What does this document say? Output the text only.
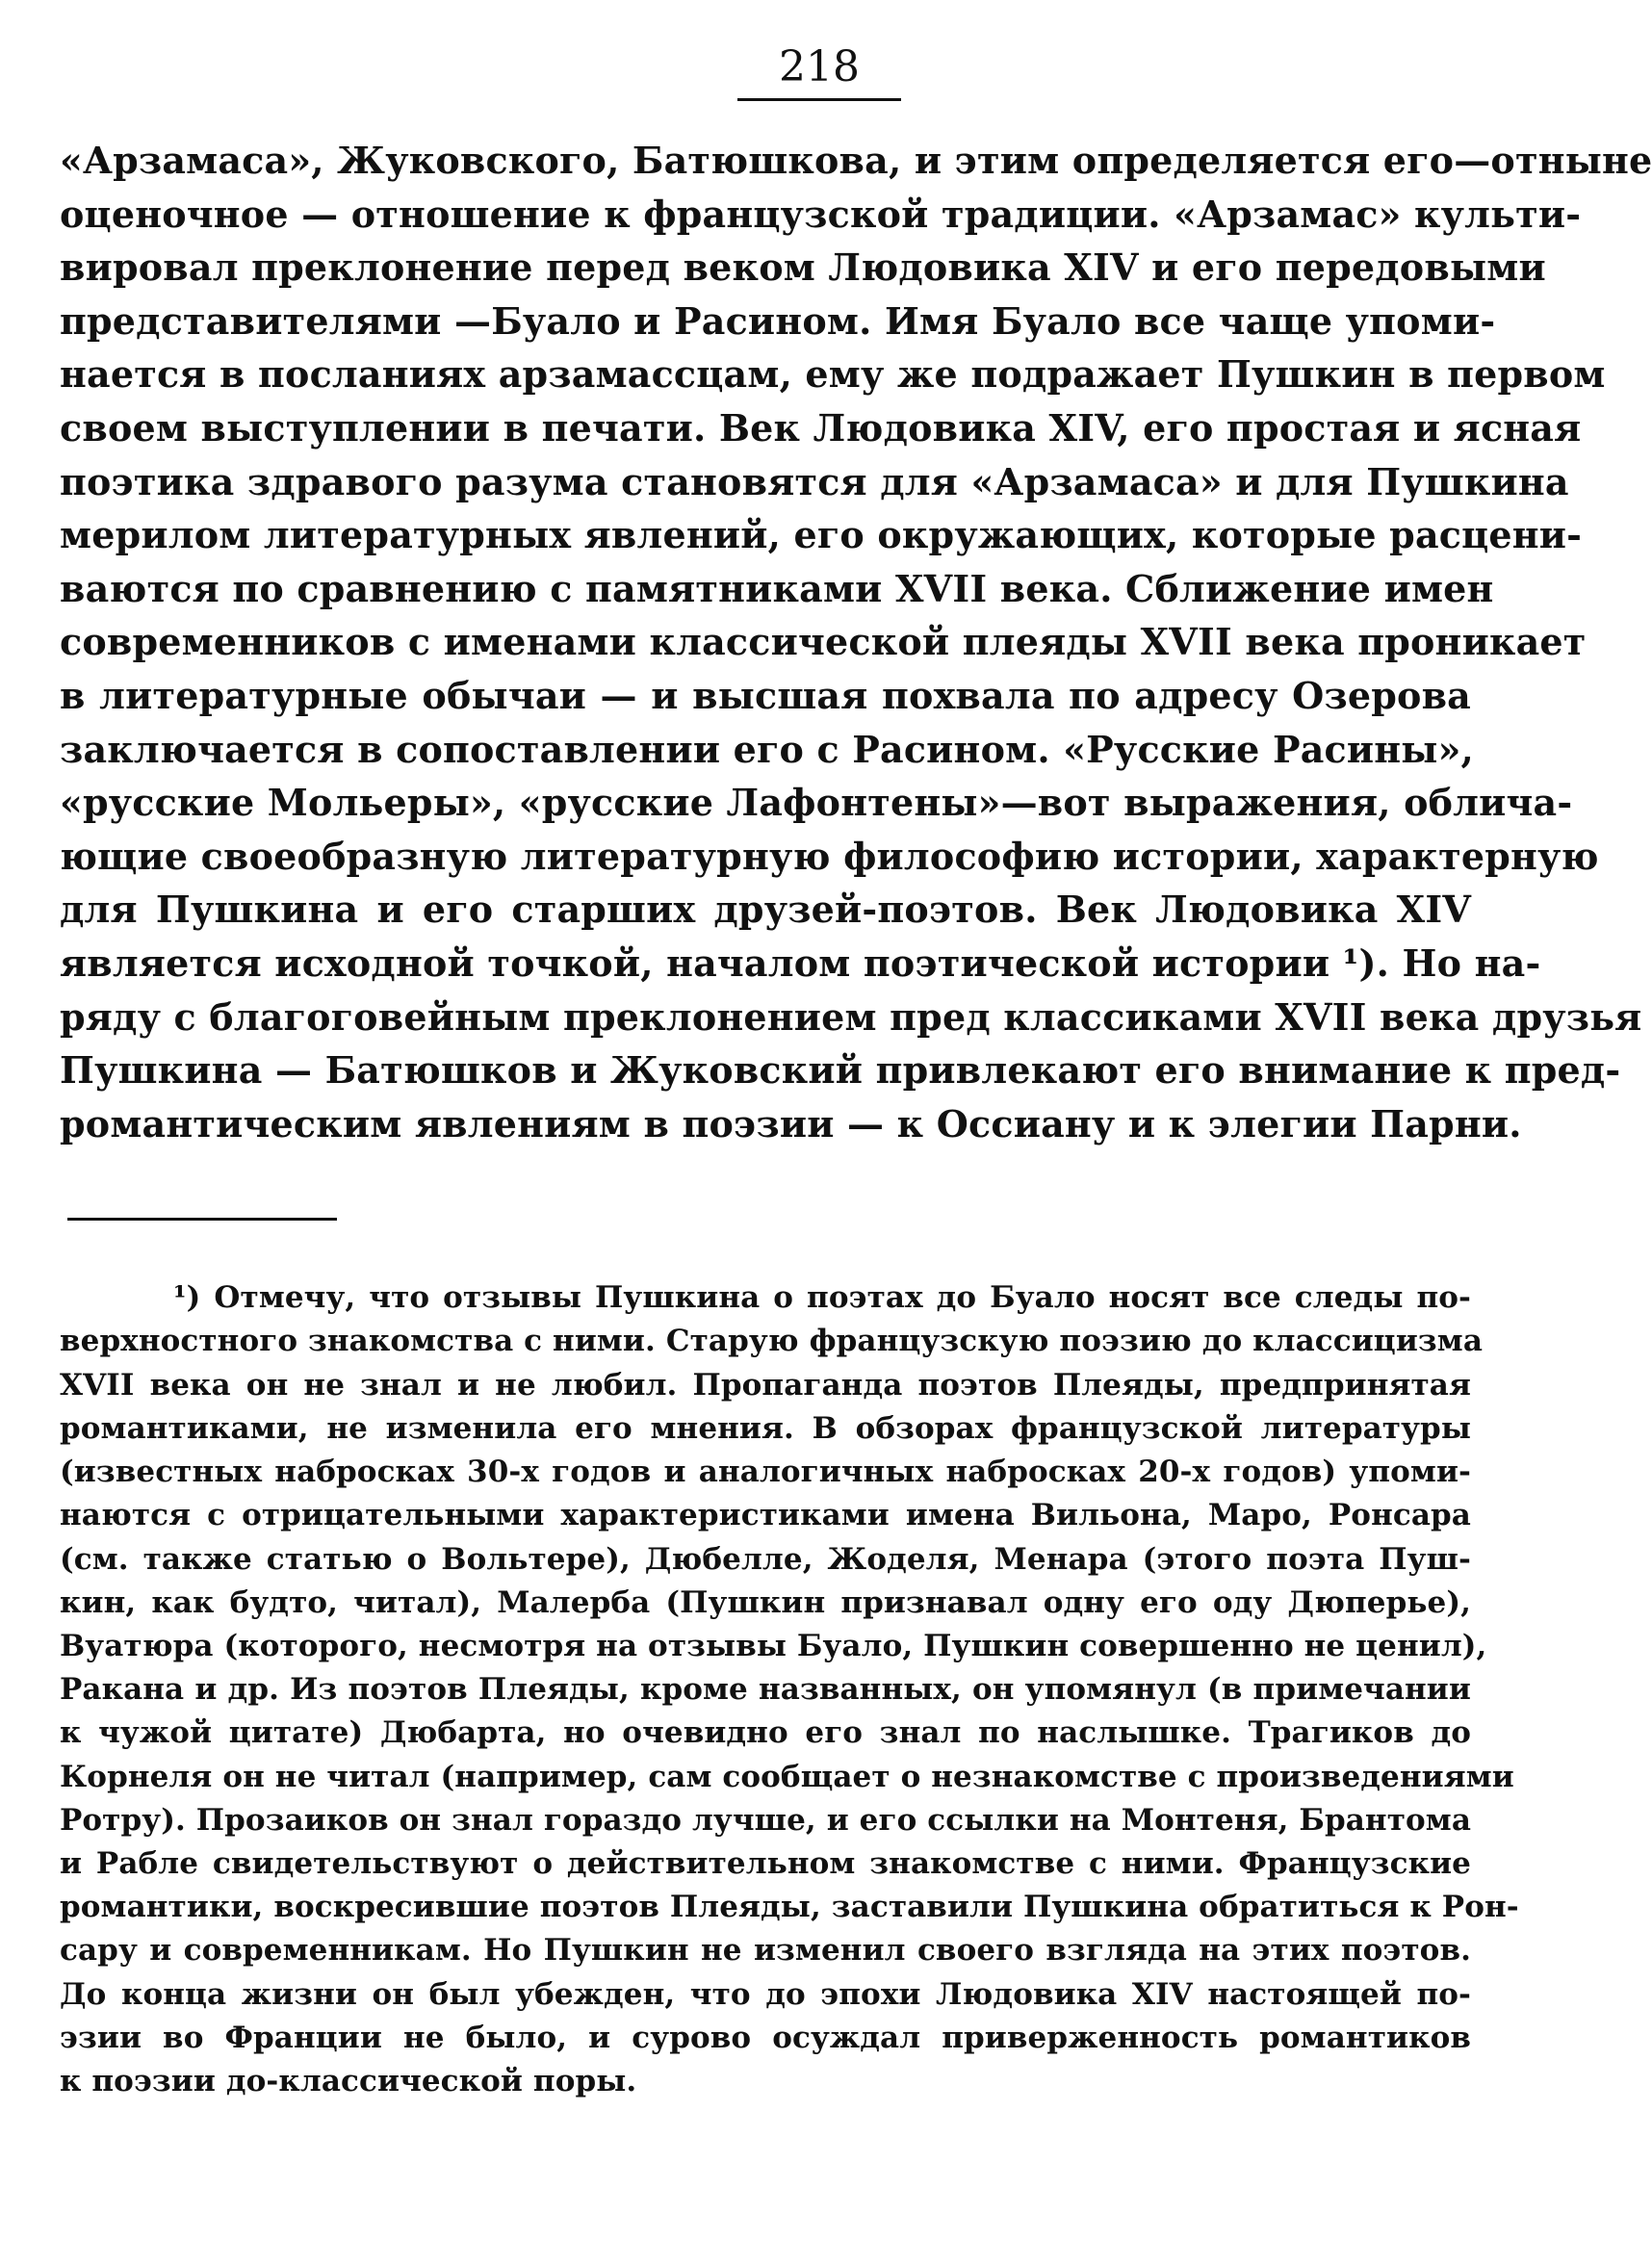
218
«Арзамаса», Жуковского, Батюшкова, и этим определяется его—отныне
оценочное — отношение к французской традиции. «Арзамас» культи-
вировал преклонение перед веком Людовика XIV и его передовыми
представителями —Буало и Расином. Имя Буало все чаще упоми-
нается в посланиях арзамассцам, ему же подражает Пушкин в первом
своем выступлении в печати. Век Людовика XIV, его простая и ясная
поэтика здравого разума становятся для «Арзамаса» и для Пушкина
мерилом литературных явлений, его окружающих, которые расцени-
ваются по сравнению с памятниками XVII века. Сближение имен
современников с именами классической плеяды XVII века проникает
в литературные обычаи — и высшая похвала по адресу Озерова
заключается в сопоставлении его с Расином. «Русские Расины»,
«русские Мольеры», «русские Лафонтены»—вот выражения, облича-
ющие своеобразную литературную философию истории, характерную
для Пушкина и его старших друзей-поэтов. Век Людовика XIV
является исходной точкой, началом поэтической истории ¹). Но на-
ряду с благоговейным преклонением пред классиками XVII века друзья
Пушкина — Батюшков и Жуковский привлекают его внимание к пред-
романтическим явлениям в поэзии — к Оссиану и к элегии Парни.
¹) Отмечу, что отзывы Пушкина о поэтах до Буало носят все следы по-
верхностного знакомства с ними. Старую французскую поэзию до классицизма
XVII века он не знал и не любил. Пропаганда поэтов Плеяды, предпринятая
романтиками, не изменила его мнения. В обзорах французской литературы
(известных набросках 30-х годов и аналогичных набросках 20-х годов) упоми-
наются с отрицательными характеристиками имена Вильона, Маро, Ронсара
(см. также статью о Вольтере), Дюбелле, Жоделя, Менара (этого поэта Пуш-
кин, как будто, читал), Малерба (Пушкин признавал одну его оду Дюперье),
Вуатюра (которого, несмотря на отзывы Буало, Пушкин совершенно не ценил),
Ракана и др. Из поэтов Плеяды, кроме названных, он упомянул (в примечании
к чужой цитате) Дюбарта, но очевидно его знал по наслышке. Трагиков до
Корнеля он не читал (например, сам сообщает о незнакомстве с произведениями
Ротру). Прозаиков он знал гораздо лучше, и его ссылки на Монтеня, Брантома
и Рабле свидетельствуют о действительном знакомстве с ними. Французские
романтики, воскресившие поэтов Плеяды, заставили Пушкина обратиться к Рон-
сару и современникам. Но Пушкин не изменил своего взгляда на этих поэтов.
До конца жизни он был убежден, что до эпохи Людовика XIV настоящей по-
эзии во Франции не было, и сурово осуждал приверженность романтиков
к поэзии до-классической поры.
